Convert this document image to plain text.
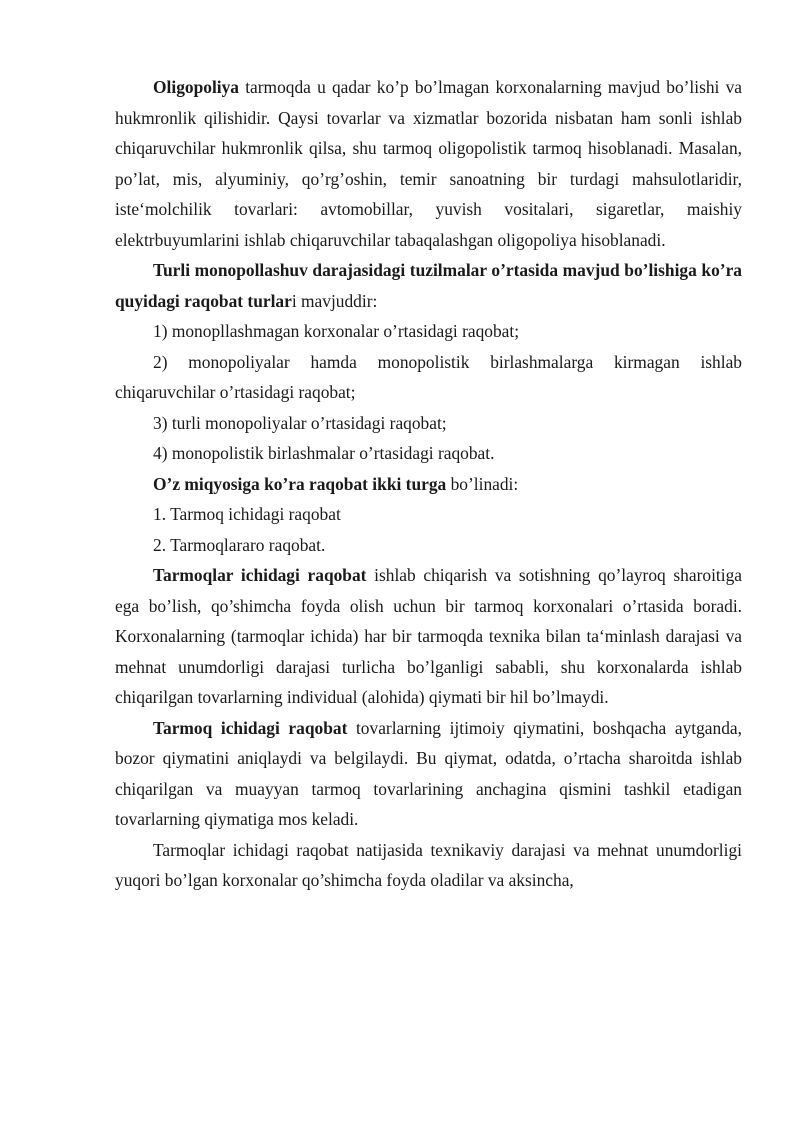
Oligopoliya tarmoqda u qadar ko’p bo’lmagan korxonalarning mavjud bo’lishi va hukmronlik qilishidir. Qaysi tovarlar va xizmatlar bozorida nisbatan ham sonli ishlab chiqaruvchilar hukmronlik qilsa, shu tarmoq oligopolistik tarmoq hisoblanadi. Masalan, po’lat, mis, alyuminiy, qo’rg’oshin, temir sanoatning bir turdagi mahsulotlaridir, iste‘molchilik tovarlari: avtomobillar, yuvish vositalari, sigaretlar, maishiy elektrbuyumlarini ishlab chiqaruvchilar tabaqalashgan oligopoliya hisoblanadi.

Turli monopollashuv darajasidagi tuzilmalar o’rtasida mavjud bo’lishiga ko’ra quyidagi raqobat turlari mavjuddir:

1) monopllashmagan korxonalar o’rtasidagi raqobat;

2) monopoliyalar hamda monopolistik birlashmalarga kirmagan ishlab chiqaruvchilar o’rtasidagi raqobat;

3) turli monopoliyalar o’rtasidagi raqobat;

4) monopolistik birlashmalar o’rtasidagi raqobat.

O’z miqyosiga ko’ra raqobat ikki turga bo’linadi:

1. Tarmoq ichidagi raqobat

2. Tarmoqlararo raqobat.

Tarmoqlar ichidagi raqobat ishlab chiqarish va sotishning qo’layroq sharoitiga ega bo’lish, qo’shimcha foyda olish uchun bir tarmoq korxonalari o’rtasida boradi. Korxonalarning (tarmoqlar ichida) har bir tarmoqda texnika bilan ta‘minlash darajasi va mehnat unumdorligi darajasi turlicha bo’lganligi sababli, shu korxonalarda ishlab chiqarilgan tovarlarning individual (alohida) qiymati bir hil bo’lmaydi.

Tarmoq ichidagi raqobat tovarlarning ijtimoiy qiymatini, boshqacha aytganda, bozor qiymatini aniqlaydi va belgilaydi. Bu qiymat, odatda, o’rtacha sharoitda ishlab chiqarilgan va muayyan tarmoq tovarlarining anchagina qismini tashkil etadigan tovarlarning qiymatiga mos keladi.

Tarmoqlar ichidagi raqobat natijasida texnikaviy darajasi va mehnat unumdorligi yuqori bo’lgan korxonalar qo’shimcha foyda oladilar va aksincha,
